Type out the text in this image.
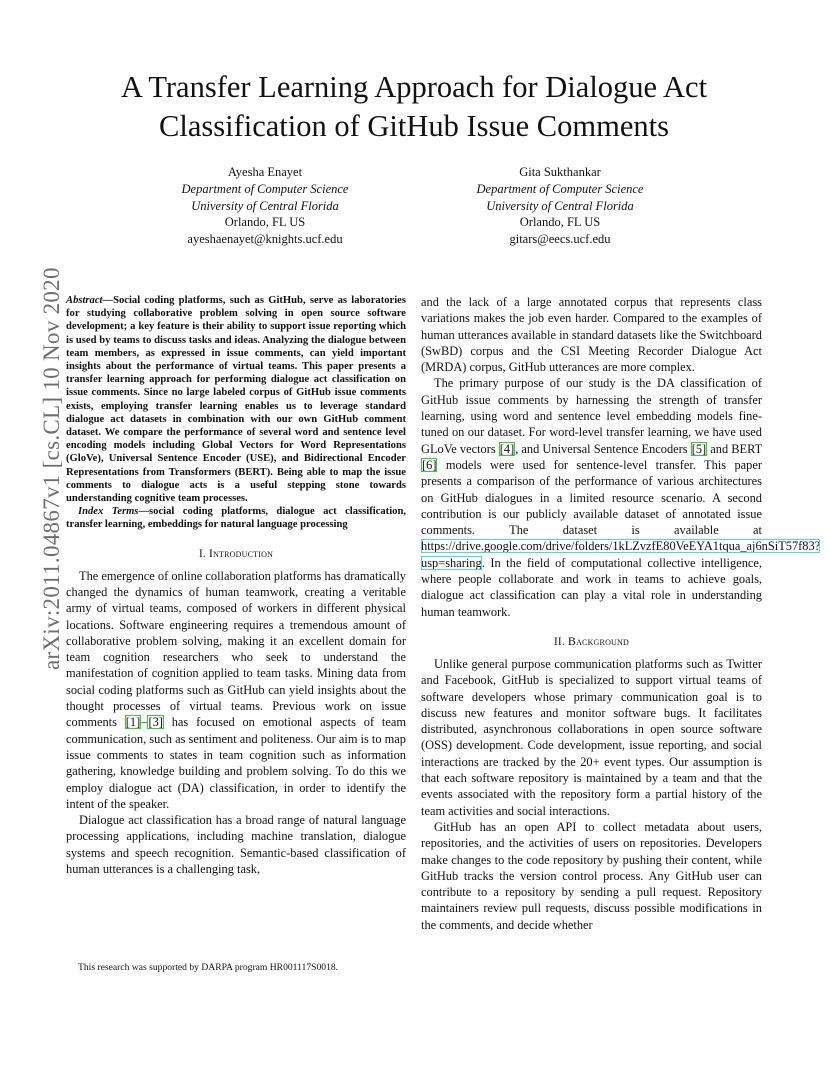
A Transfer Learning Approach for Dialogue Act
Classification of GitHub Issue Comments
Ayesha Enayet
Department of Computer Science
University of Central Florida
Orlando, FL US
ayeshaenayet@knights.ucf.edu
Gita Sukthankar
Department of Computer Science
University of Central Florida
Orlando, FL US
gitars@eecs.ucf.edu
arXiv:2011.04867v1 [cs.CL] 10 Nov 2020 Abstract—Social coding platforms, such as GitHub, serve as laboratories for studying collaborative problem solving in open source software development; a key feature is their ability to support issue reporting which is used by teams to discuss tasks and ideas. Analyzing the dialogue between team members, as expressed in issue comments, can yield important insights about the performance of virtual teams. This paper presents a transfer learning approach for performing dialogue act classification on issue comments. Since no large labeled corpus of GitHub issue comments exists, employing transfer learning enables us to leverage standard dialogue act datasets in combination with our own GitHub comment dataset. We compare the performance of several word and sentence level encoding models including Global Vectors for Word Representations (GloVe), Universal Sentence Encoder (USE), and Bidirectional Encoder Representations from Transformers (BERT). Being able to map the issue comments to dialogue acts is a useful stepping stone towards understanding cognitive team processes.

Index Terms—social coding platforms, dialogue act classification, transfer learning, embeddings for natural language processing

I. Introduction

The emergence of online collaboration platforms has dramatically changed the dynamics of human teamwork, creating a veritable army of virtual teams, composed of workers in different physical locations. Software engineering requires a tremendous amount of collaborative problem solving, making it an excellent domain for team cognition researchers who seek to understand the manifestation of cognition applied to team tasks. Mining data from social coding platforms such as GitHub can yield insights about the thought processes of virtual teams. Previous work on issue comments [1]–[3] has focused on emotional aspects of team communication, such as sentiment and politeness. Our aim is to map issue comments to states in team cognition such as information gathering, knowledge building and problem solving. To do this we employ dialogue act (DA) classification, in order to identify the intent of the speaker.

Dialogue act classification has a broad range of natural language processing applications, including machine translation, dialogue systems and speech recognition. Semantic-based classification of human utterances is a challenging task,

This research was supported by DARPA program HR001117S0018.

and the lack of a large annotated corpus that represents class variations makes the job even harder. Compared to the examples of human utterances available in standard datasets like the Switchboard (SwBD) corpus and the CSI Meeting Recorder Dialogue Act (MRDA) corpus, GitHub utterances are more complex.

The primary purpose of our study is the DA classification of GitHub issue comments by harnessing the strength of transfer learning, using word and sentence level embedding models fine-tuned on our dataset. For word-level transfer learning, we have used GLoVe vectors [4], and Universal Sentence Encoders [5] and BERT [6] models were used for sentence-level transfer. This paper presents a comparison of the performance of various architectures on GitHub dialogues in a limited resource scenario. A second contribution is our publicly available dataset of annotated issue comments. The dataset is available at https://drive.google.com/drive/folders/1kLZvzfE80VeEYA1tqua_aj6nSiT57f83?usp=sharing. In the field of computational collective intelligence, where people collaborate and work in teams to achieve goals, dialogue act classification can play a vital role in understanding human teamwork.

II. Background

Unlike general purpose communication platforms such as Twitter and Facebook, GitHub is specialized to support virtual teams of software developers whose primary communication goal is to discuss new features and monitor software bugs. It facilitates distributed, asynchronous collaborations in open source software (OSS) development. Code development, issue reporting, and social interactions are tracked by the 20+ event types. Our assumption is that each software repository is maintained by a team and that the events associated with the repository form a partial history of the team activities and social interactions.

GitHub has an open API to collect metadata about users, repositories, and the activities of users on repositories. Developers make changes to the code repository by pushing their content, while GitHub tracks the version control process. Any GitHub user can contribute to a repository by sending a pull request. Repository maintainers review pull requests, discuss possible modifications in the comments, and decide whether
